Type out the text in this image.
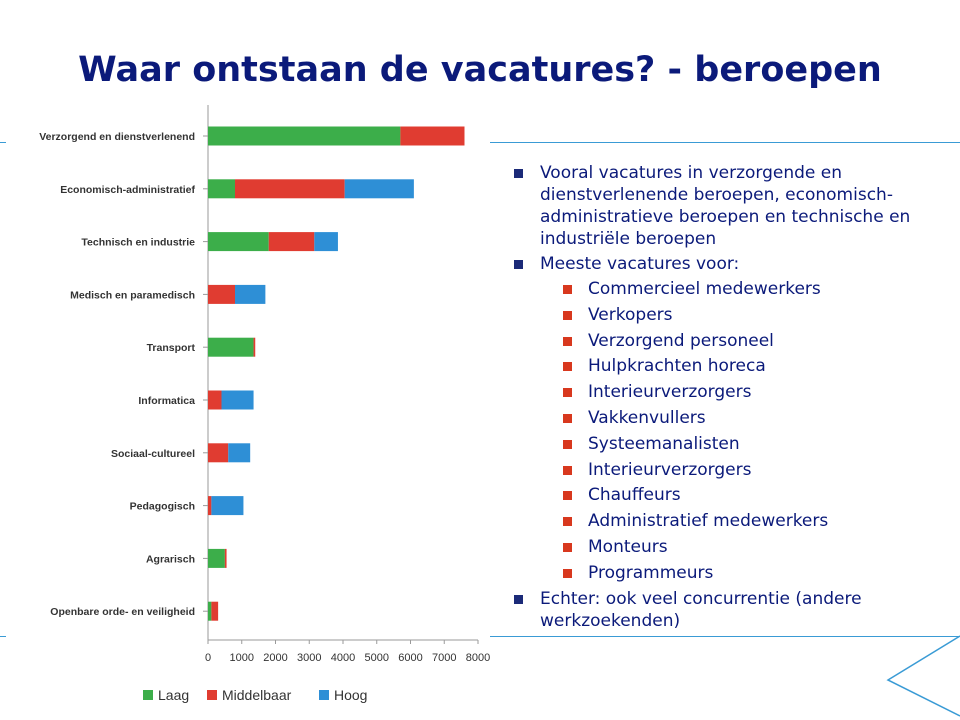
Waar ontstaan de vacatures? - beroepen
Verzorgend en dienstverlenend
Economisch-administratief
Technisch en industrie
Medisch en paramedisch
Transport
Informatica
Sociaal-cultureel
Pedagogisch
Agrarisch
Openbare orde- en veiligheid
0 1000 2000 3000 4000 5000 6000 7000 8000
Laag Middelbaar	Hoog
Vooral vacatures in verzorgende en dienstverlenende beroepen, economisch-administratieve beroepen en technische en industriële beroepen
Meeste vacatures voor:
Commercieel medewerkers
Verkopers
Verzorgend personeel
Hulpkrachten horeca
Interieurverzorgers
Vakkenvullers
Systeemanalisten
Interieurverzorgers
Chauffeurs
Administratief medewerkers
Monteurs
Programmeurs
Echter: ook veel concurrentie (andere werkzoekenden)
